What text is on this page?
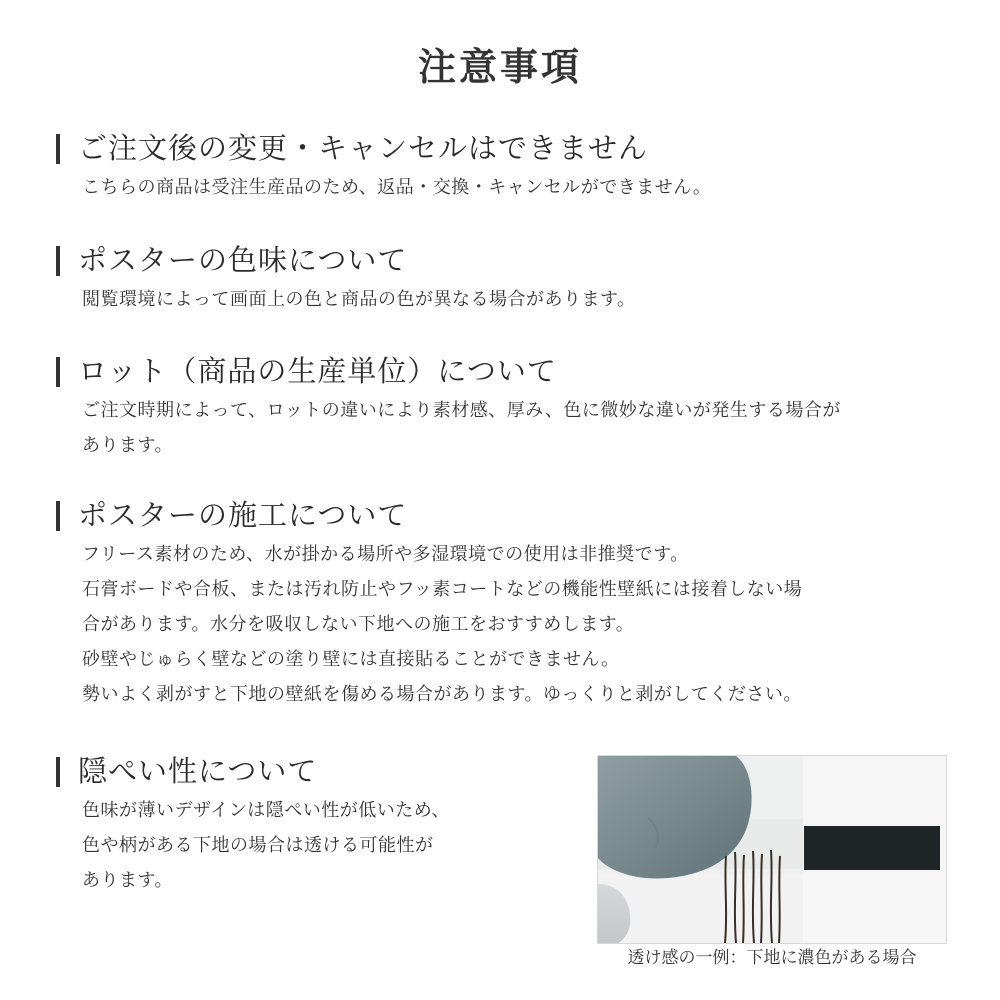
注意事項
ご注文後の変更・キャンセルはできません
こちらの商品は受注生産品のため、返品・交換・キャンセルができません。
ポスターの色味について
閲覧環境によって画面上の色と商品の色が異なる場合があります。
ロット（商品の生産単位）について
ご注文時期によって、ロットの違いにより素材感、厚み、色に微妙な違いが発生する場合が
あります。
ポスターの施工について
フリース素材のため、水が掛かる場所や多湿環境での使用は非推奨です。
石膏ボードや合板、または汚れ防止やフッ素コートなどの機能性壁紙には接着しない場
合があります。水分を吸収しない下地への施工をおすすめします。
砂壁やじゅらく壁などの塗り壁には直接貼ることができません。
勢いよく剥がすと下地の壁紙を傷める場合があります。ゆっくりと剥がしてください。
隠ぺい性について
色味が薄いデザインは隠ぺい性が低いため、
色や柄がある下地の場合は透ける可能性が
あります。
透け感の一例：下地に濃色がある場合
